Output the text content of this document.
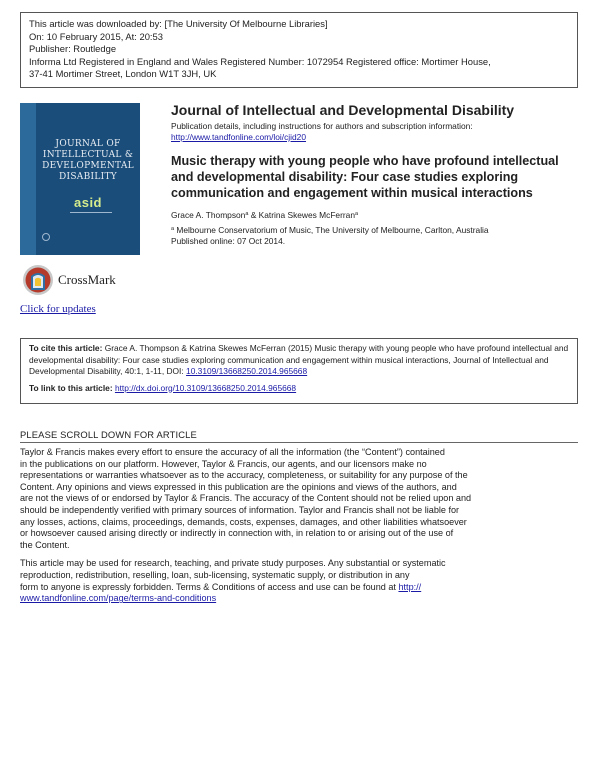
This article was downloaded by: [The University Of Melbourne Libraries]
On: 10 February 2015, At: 20:53
Publisher: Routledge
Informa Ltd Registered in England and Wales Registered Number: 1072954 Registered office: Mortimer House,
37-41 Mortimer Street, London W1T 3JH, UK
JOURNAL OF
INTELLECTUAL &
DEVELOPMENTAL
DISABILITY
asid
CrossMark
Click for updates
Journal of Intellectual and Developmental Disability
Publication details, including instructions for authors and subscription information:
http://www.tandfonline.com/loi/cjid20
Music therapy with young people who have profound intellectual and developmental disability: Four case studies exploring communication and engagement within musical interactions
Grace A. Thompson$^a$ & Katrina Skewes McFerran$^a$
$^a$ Melbourne Conservatorium of Music, The University of Melbourne, Carlton, Australia
Published online: 07 Oct 2014.
To cite this article: Grace A. Thompson & Katrina Skewes McFerran (2015) Music therapy with young people who have profound intellectual and developmental disability: Four case studies exploring communication and engagement within musical interactions, Journal of Intellectual and Developmental Disability, 40:1, 1-11, DOI: 10.3109/13668250.2014.965668
To link to this article: http://dx.doi.org/10.3109/13668250.2014.965668
PLEASE SCROLL DOWN FOR ARTICLE
Taylor & Francis makes every effort to ensure the accuracy of all the information (the “Content”) contained
in the publications on our platform. However, Taylor & Francis, our agents, and our licensors make no
representations or warranties whatsoever as to the accuracy, completeness, or suitability for any purpose of the
Content. Any opinions and views expressed in this publication are the opinions and views of the authors, and
are not the views of or endorsed by Taylor & Francis. The accuracy of the Content should not be relied upon and
should be independently verified with primary sources of information. Taylor and Francis shall not be liable for
any losses, actions, claims, proceedings, demands, costs, expenses, damages, and other liabilities whatsoever
or howsoever caused arising directly or indirectly in connection with, in relation to or arising out of the use of
the Content.
This article may be used for research, teaching, and private study purposes. Any substantial or systematic
reproduction, redistribution, reselling, loan, sub-licensing, systematic supply, or distribution in any
form to anyone is expressly forbidden. Terms & Conditions of access and use can be found at http://
www.tandfonline.com/page/terms-and-conditions
